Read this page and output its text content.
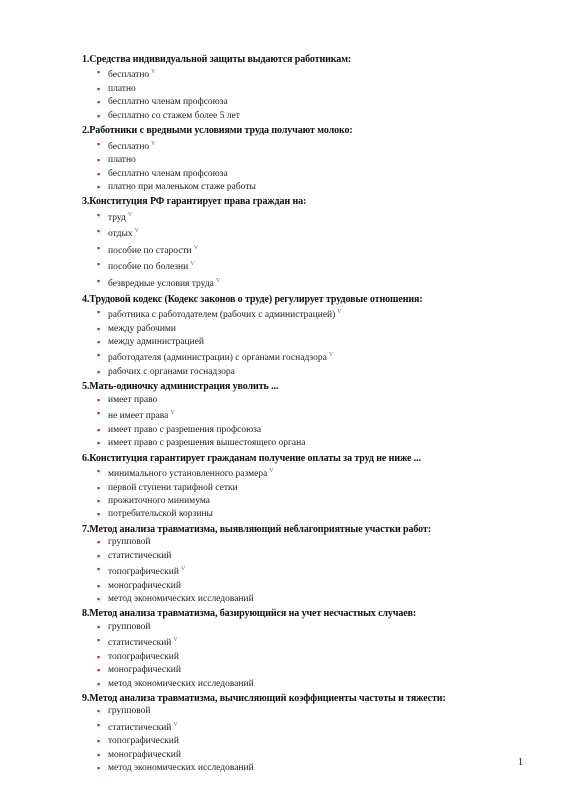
1.Средства индивидуальной защиты выдаются работникам:
▪ бесплатно $^V$
▪ платно
▪ бесплатно членам профсоюза
▪ бесплатно со стажем более 5 лет
2.Работники с вредными условиями труда получают молоко:
▪ бесплатно $^V$
▪ платно
▪ бесплатно членам профсоюза
▪ платно при маленьком стаже работы
3.Конституция РФ гарантирует права граждан на:
▪ труд $^V$
▪ отдых $^V$
▪ пособие по старости $^V$
▪ пособие по болезни $^V$
▪ безвредные условия труда $^V$
4.Трудовой кодекс (Кодекс законов о труде) регулирует трудовые отношения:
▪ работника с работодателем (рабочих с администрацией) $^V$
▪ между рабочими
▪ между администрацией
▪ работодателя (администрации) с органами госнадзора $^V$
▪ рабочих с органами госнадзора
5.Мать-одиночку администрация уволить ...
▪ имеет право
▪ не имеет права $^V$
▪ имеет право с разрешения профсоюза
▪ имеет право с разрешения вышестоящего органа
6.Конституция гарантирует гражданам получение оплаты за труд не ниже ...
▪ минимального установленного размера $^V$
▪ первой ступени тарифной сетки
▪ прожиточного минимума
▪ потребительской корзины
7.Метод анализа травматизма, выявляющий неблагоприятные участки работ:
▪ групповой
▪ статистический
▪ топографический $^V$
▪ монографический
▪ метод экономических исследований
8.Метод анализа травматизма, базирующийся на учет несчастных случаев:
▪ групповой
▪ статистический $^V$
▪ топографический
▪ монографический
▪ метод экономических исследований
9.Метод анализа травматизма, вычисляющий коэффициенты частоты и тяжести:
▪ групповой
▪ статистический $^V$
▪ топографический
▪ монографический
▪ метод экономических исследований
1
